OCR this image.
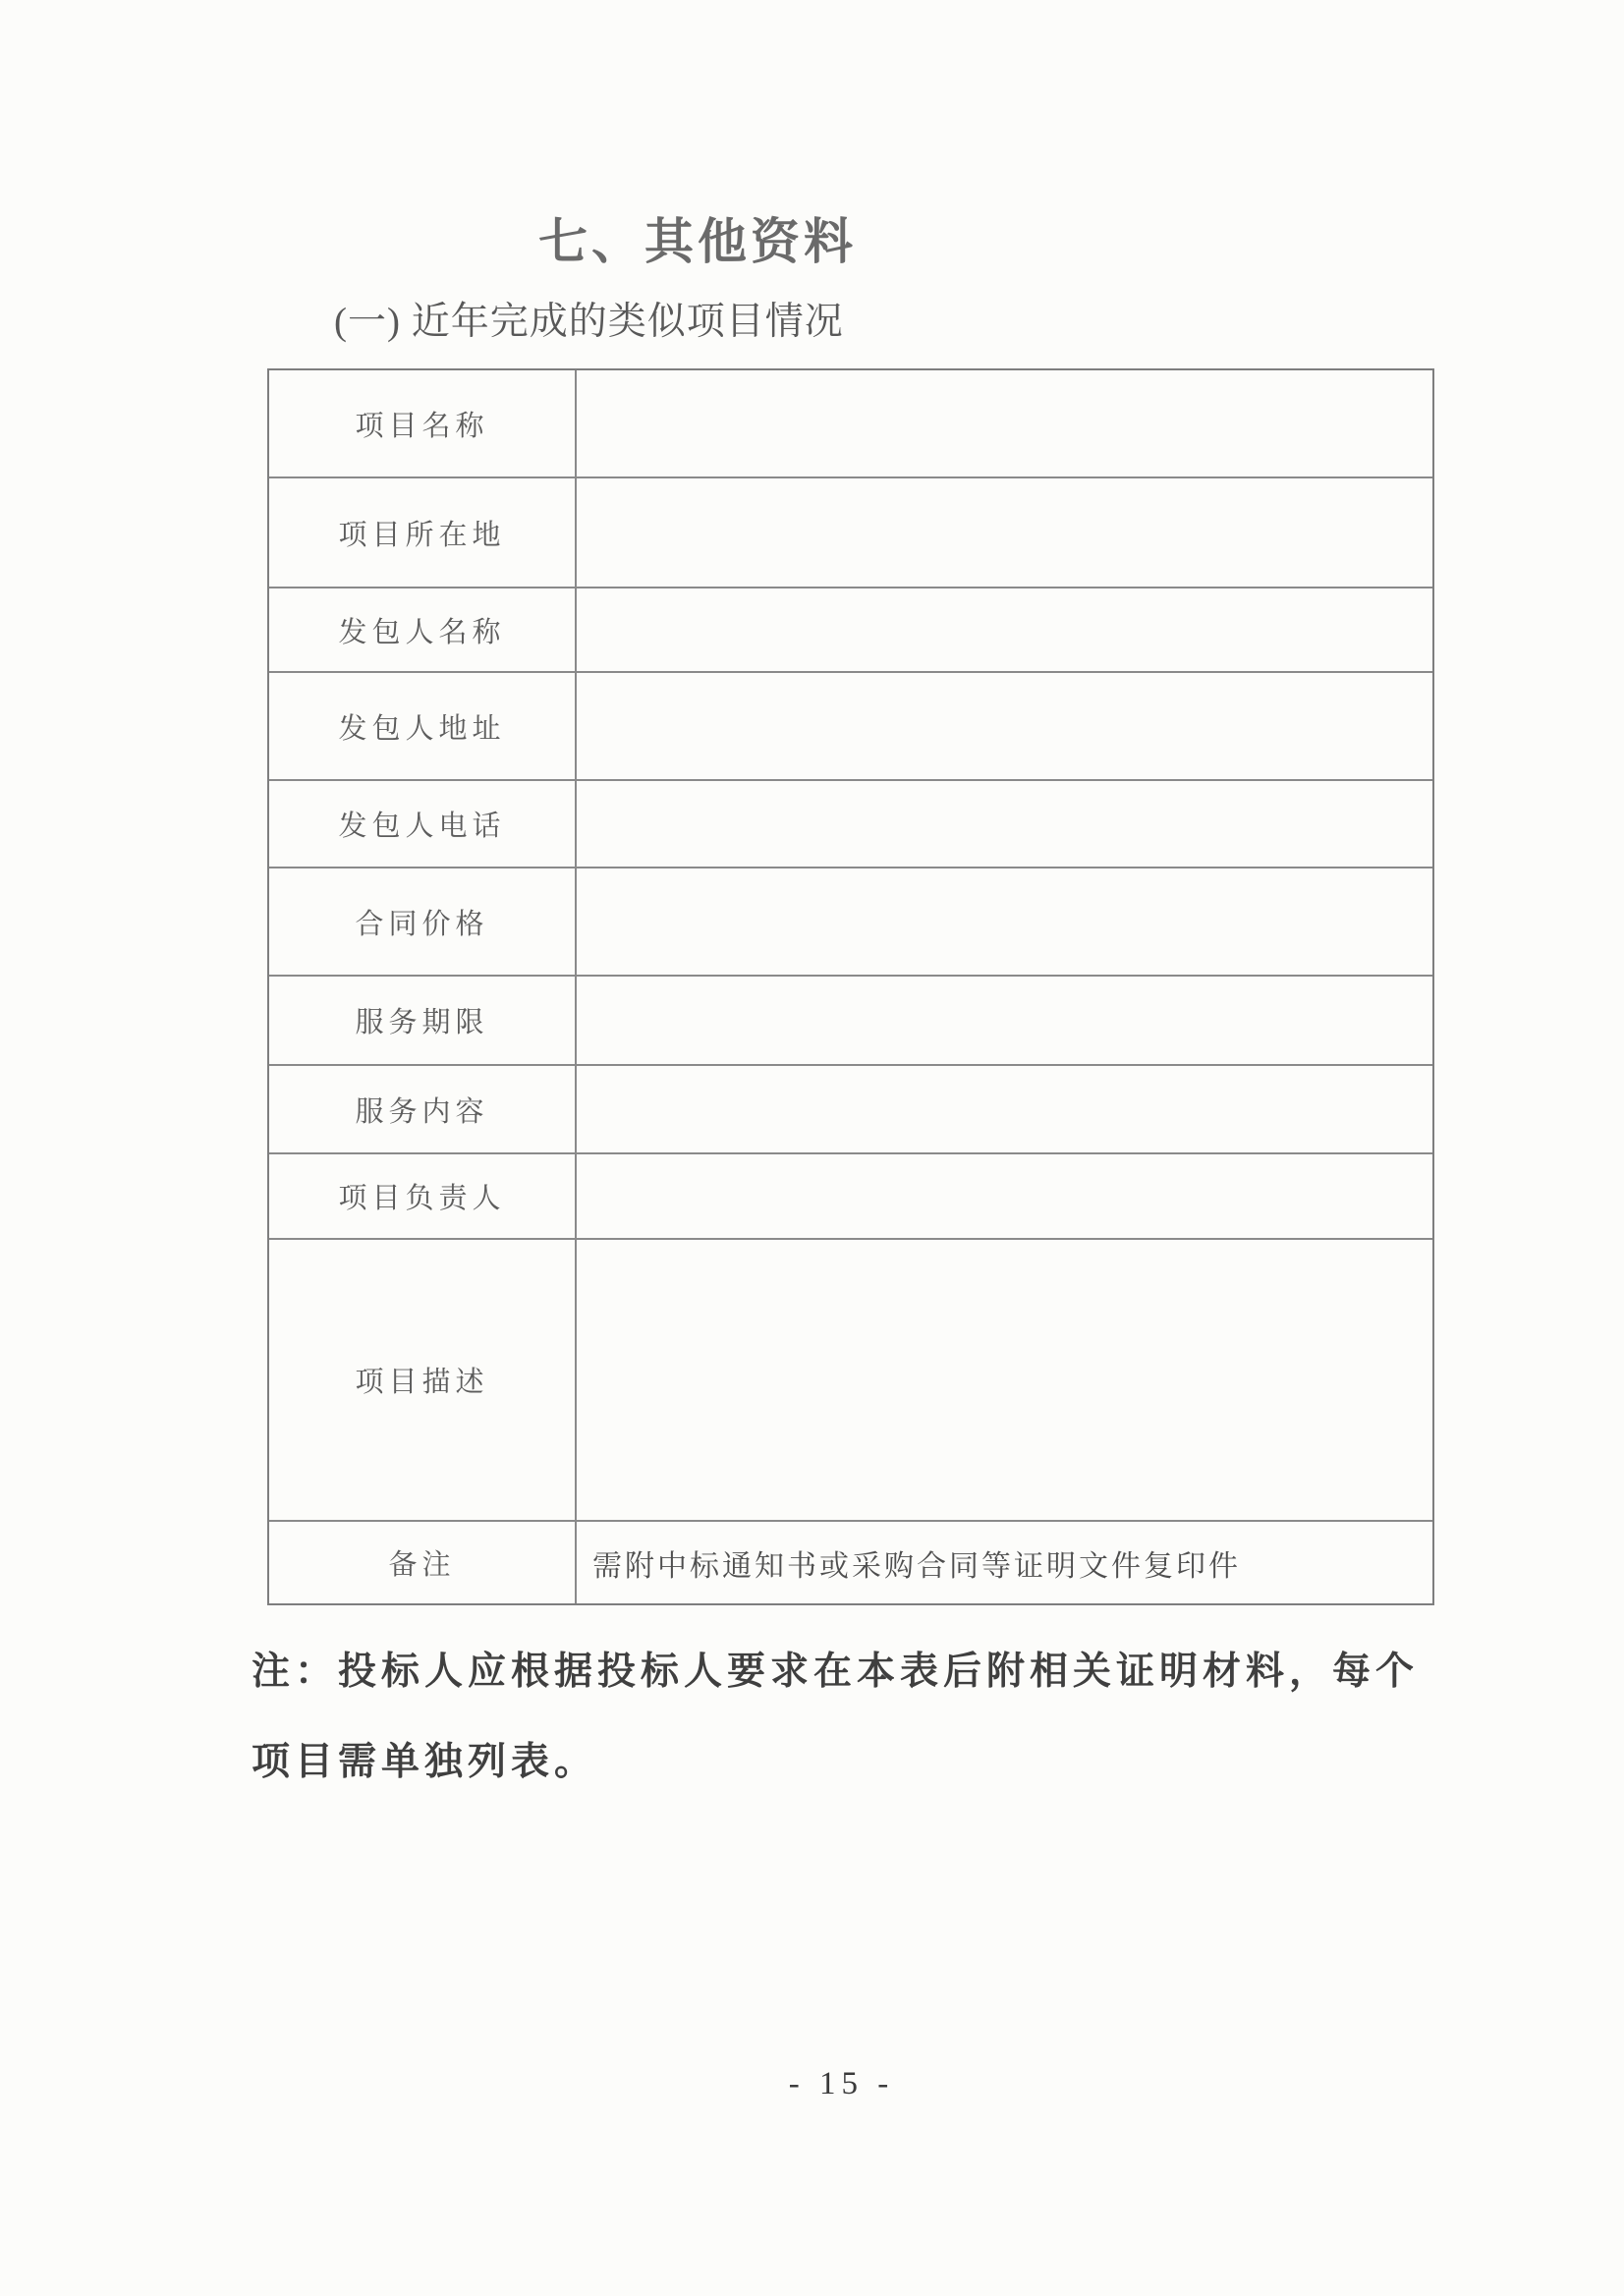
七、其他资料
(一) 近年完成的类似项目情况
项目名称
项目所在地
发包人名称
发包人地址
发包人电话
合同价格
服务期限
服务内容
项目负责人
项目描述
备注	需附中标通知书或采购合同等证明文件复印件
注：投标人应根据投标人要求在本表后附相关证明材料，每个项目需单独列表。
- 15 -
